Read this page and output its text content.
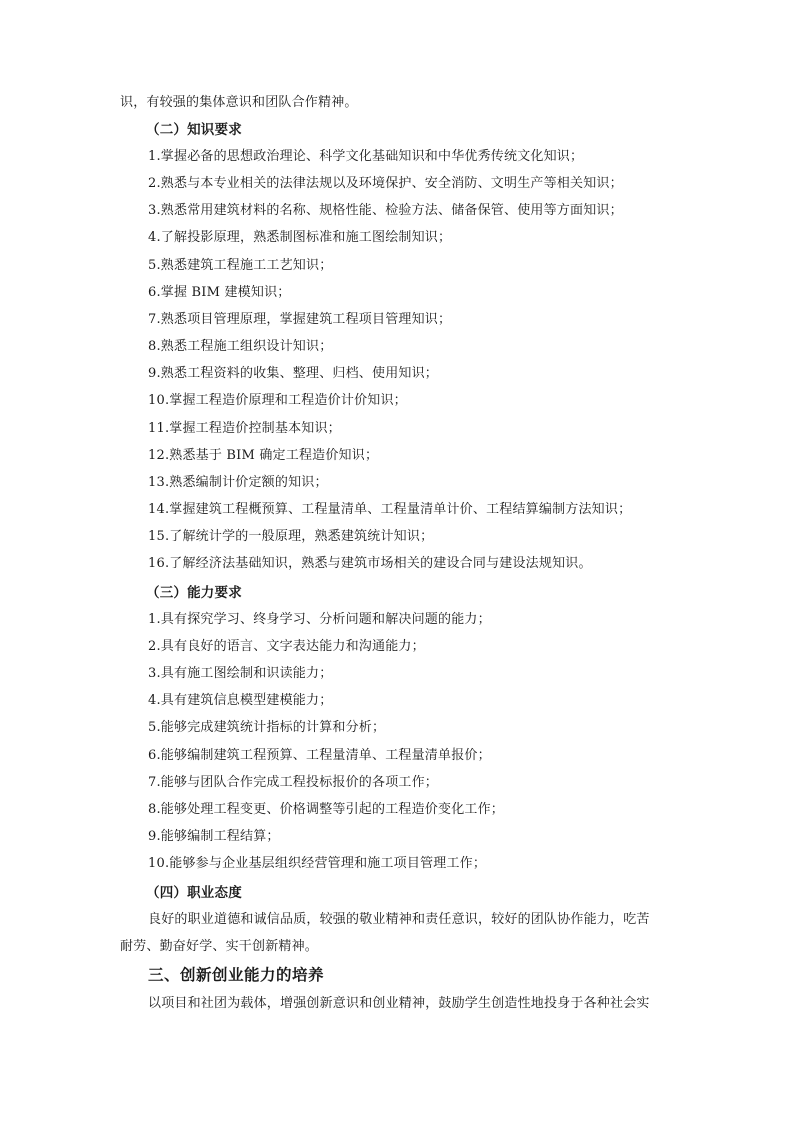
识，有较强的集体意识和团队合作精神。
（二）知识要求
1.掌握必备的思想政治理论、科学文化基础知识和中华优秀传统文化知识；
2.熟悉与本专业相关的法律法规以及环境保护、安全消防、文明生产等相关知识；
3.熟悉常用建筑材料的名称、规格性能、检验方法、储备保管、使用等方面知识；
4.了解投影原理，熟悉制图标准和施工图绘制知识；
5.熟悉建筑工程施工工艺知识；
6.掌握 BIM 建模知识；
7.熟悉项目管理原理，掌握建筑工程项目管理知识；
8.熟悉工程施工组织设计知识；
9.熟悉工程资料的收集、整理、归档、使用知识；
10.掌握工程造价原理和工程造价计价知识；
11.掌握工程造价控制基本知识；
12.熟悉基于 BIM 确定工程造价知识；
13.熟悉编制计价定额的知识；
14.掌握建筑工程概预算、工程量清单、工程量清单计价、工程结算编制方法知识；
15.了解统计学的一般原理，熟悉建筑统计知识；
16.了解经济法基础知识，熟悉与建筑市场相关的建设合同与建设法规知识。
（三）能力要求
1.具有探究学习、终身学习、分析问题和解决问题的能力；
2.具有良好的语言、文字表达能力和沟通能力；
3.具有施工图绘制和识读能力；
4.具有建筑信息模型建模能力；
5.能够完成建筑统计指标的计算和分析；
6.能够编制建筑工程预算、工程量清单、工程量清单报价；
7.能够与团队合作完成工程投标报价的各项工作；
8.能够处理工程变更、价格调整等引起的工程造价变化工作；
9.能够编制工程结算；
10.能够参与企业基层组织经营管理和施工项目管理工作；
（四）职业态度
良好的职业道德和诚信品质，较强的敬业精神和责任意识，较好的团队协作能力，吃苦
耐劳、勤奋好学、实干创新精神。
三、创新创业能力的培养
以项目和社团为载体，增强创新意识和创业精神，鼓励学生创造性地投身于各种社会实
